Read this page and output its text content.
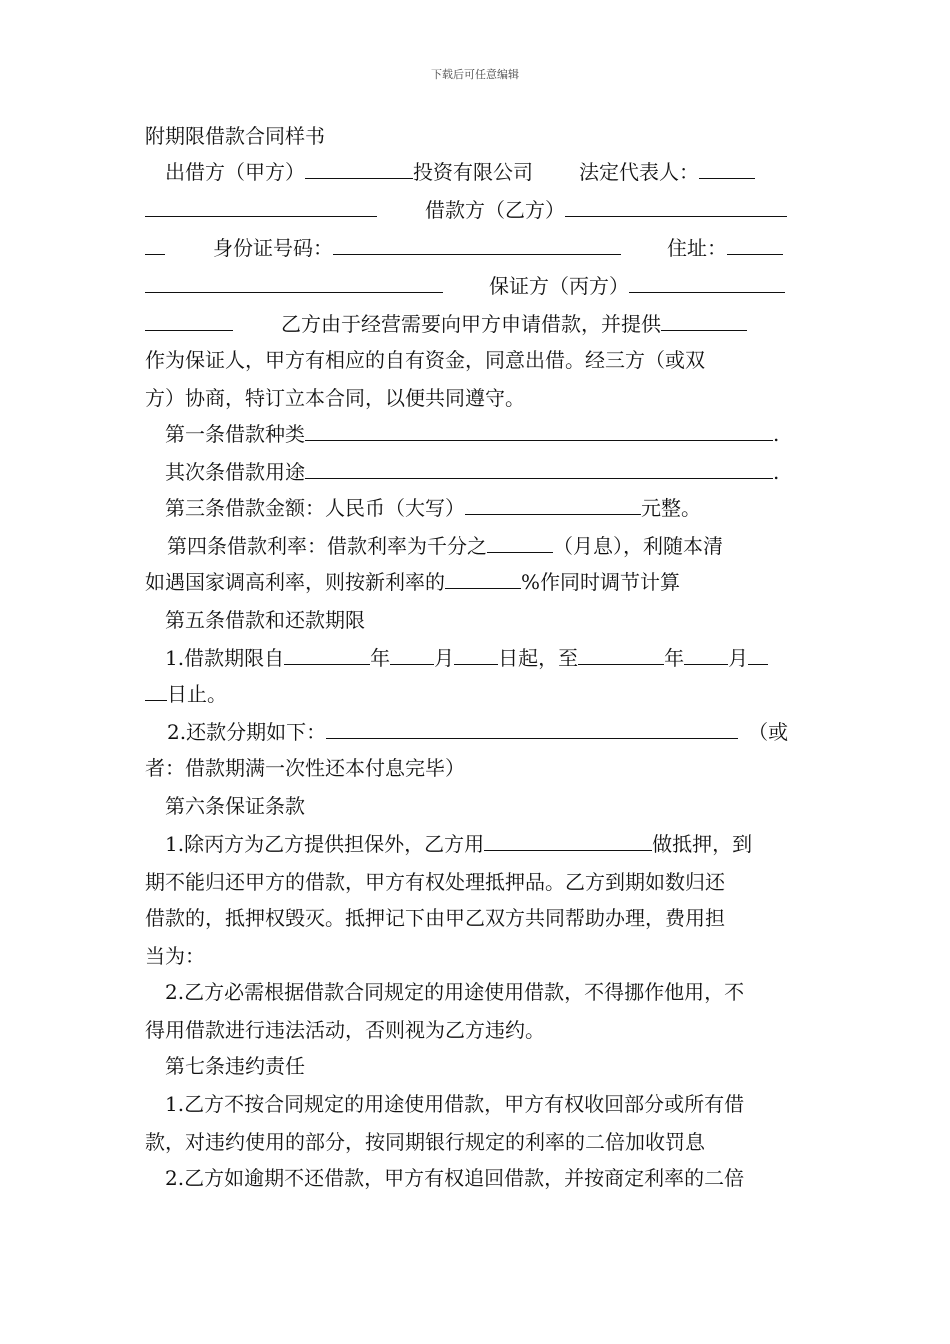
下载后可任意编辑
附期限借款合同样书
出借方（甲方）	投资有限公司 法定代表人：
借款方（乙方）
身份证号码：	住址：
保证方（丙方）
乙方由于经营需要向甲方申请借款，并提供
作为保证人，甲方有相应的自有资金，同意出借。经三方（或双
方）协商，特订立本合同，以便共同遵守。
第一条借款种类	.
其次条借款用途	.
第三条借款金额：人民币（大写）	元整。
第四条借款利率：借款利率为千分之	（月息），利随本清
如遇国家调高利率，则按新利率的	%作同时调节计算
第五条借款和还款期限
1.借款期限自	年 月 日起，至	年 月
日止。
2.还款分期如下：	（或
者：借款期满一次性还本付息完毕）
第六条保证条款
1.除丙方为乙方提供担保外，乙方用	做抵押，到
期不能归还甲方的借款，甲方有权处理抵押品。乙方到期如数归还
借款的，抵押权毁灭。抵押记下由甲乙双方共同帮助办理，费用担
当为：
2.乙方必需根据借款合同规定的用途使用借款，不得挪作他用，不
得用借款进行违法活动，否则视为乙方违约。
第七条违约责任
1.乙方不按合同规定的用途使用借款，甲方有权收回部分或所有借
款，对违约使用的部分，按同期银行规定的利率的二倍加收罚息
2.乙方如逾期不还借款，甲方有权追回借款，并按商定利率的二倍
